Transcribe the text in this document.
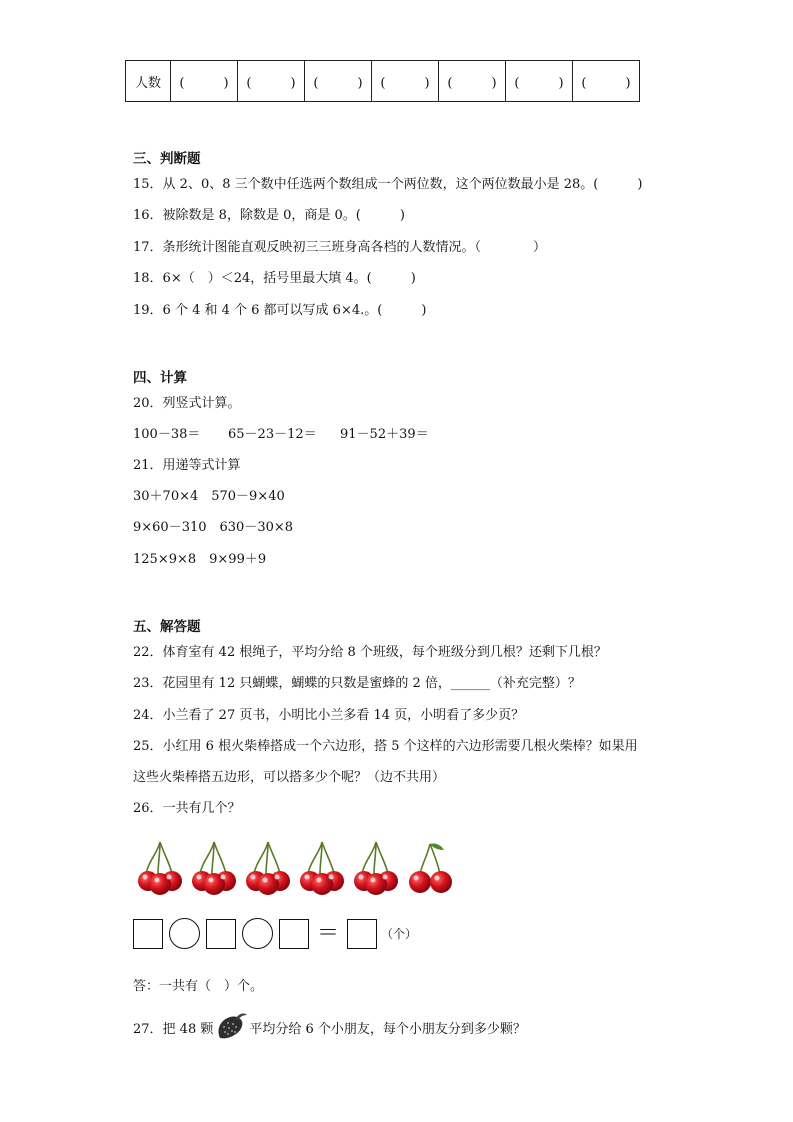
人数	(　　　)	(　　　)	(　　　)	(　　　)	(　　　)	(　　　)	(　　　)
三、判断题
15．从 2、0、8 三个数中任选两个数组成一个两位数，这个两位数最小是 28。(　　　)
16．被除数是 8，除数是 0，商是 0。(　　　)
17．条形统计图能直观反映初三三班身高各档的人数情况。（　　　　）
18．6×（　）＜24，括号里最大填 4。(　　　)
19．6 个 4 和 4 个 6 都可以写成 6×4.。(　　　)
四、计算
20．列竖式计算。
100－38＝ 65－23－12＝ 91－52＋39＝
21．用递等式计算
30＋70×4　570－9×40
9×60－310　630－30×8
125×9×8　9×99＋9
五、解答题
22．体育室有 42 根绳子，平均分给 8 个班级，每个班级分到几根？还剩下几根？
23．花园里有 12 只蝴蝶，蝴蝶的只数是蜜蜂的 2 倍，______（补充完整）？
24．小兰看了 27 页书，小明比小兰多看 14 页，小明看了多少页？
25．小红用 6 根火柴棒搭成一个六边形，搭 5 个这样的六边形需要几根火柴棒？如果用
这些火柴棒搭五边形，可以搭多少个呢？（边不共用）
26．一共有几个？
＝	（个）
答：一共有（　）个。
27．把 48 颗	平均分给 6 个小朋友，每个小朋友分到多少颗？
